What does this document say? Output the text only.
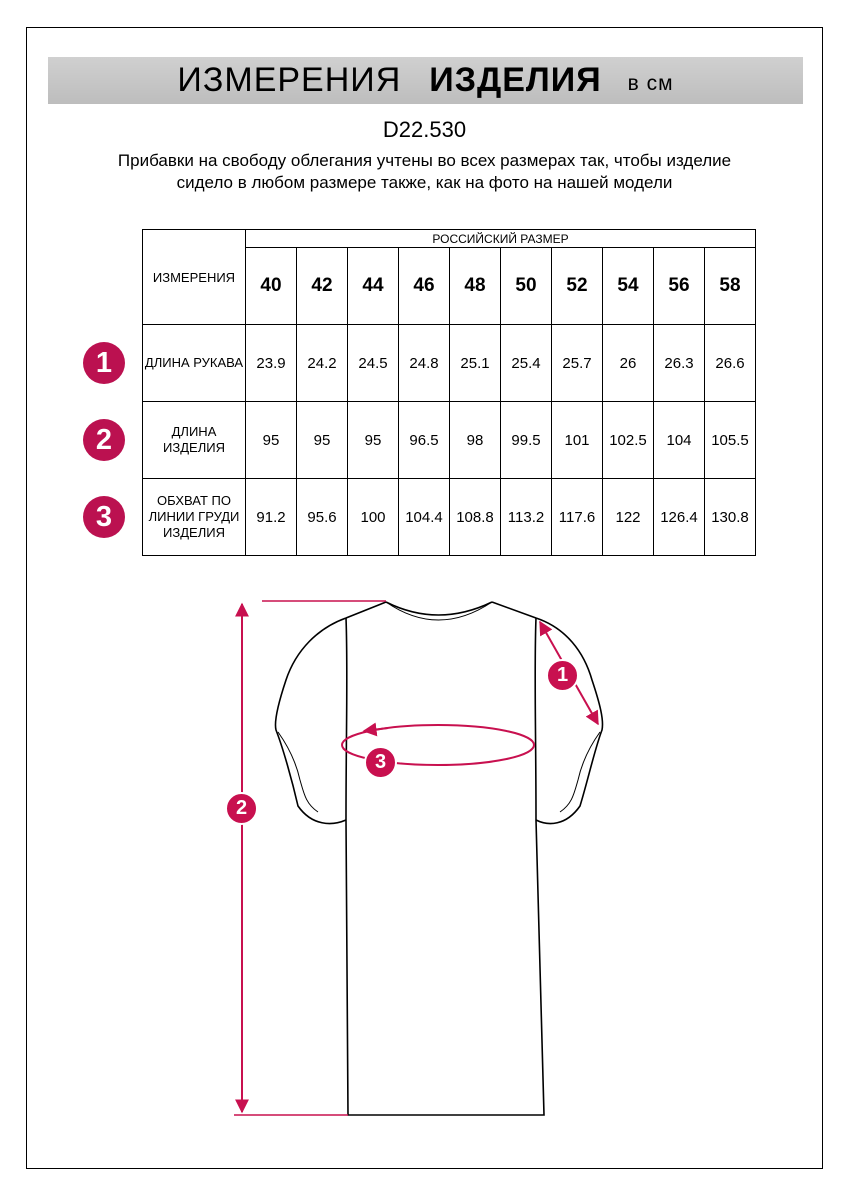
ИЗМЕРЕНИЯ ИЗДЕЛИЯ в см
D22.530
Прибавки на свободу облегания учтены во всех размерах так, чтобы изделие сидело в любом размере также, как на фото на нашей модели
ИЗМЕРЕНИЯ	РОССИЙСКИЙ РАЗМЕР									
	40	42	44	46	48	50	52	54	56	58
ДЛИНА РУКАВА	23.9	24.2	24.5	24.8	25.1	25.4	25.7	26	26.3	26.6
ДЛИНА ИЗДЕЛИЯ	95	95	95	96.5	98	99.5	101	102.5	104	105.5
ОБХВАТ ПО ЛИНИИ ГРУДИ ИЗДЕЛИЯ	91.2	95.6	100	104.4	108.8	113.2	117.6	122	126.4	130.8
1
2
3
1
2
3
